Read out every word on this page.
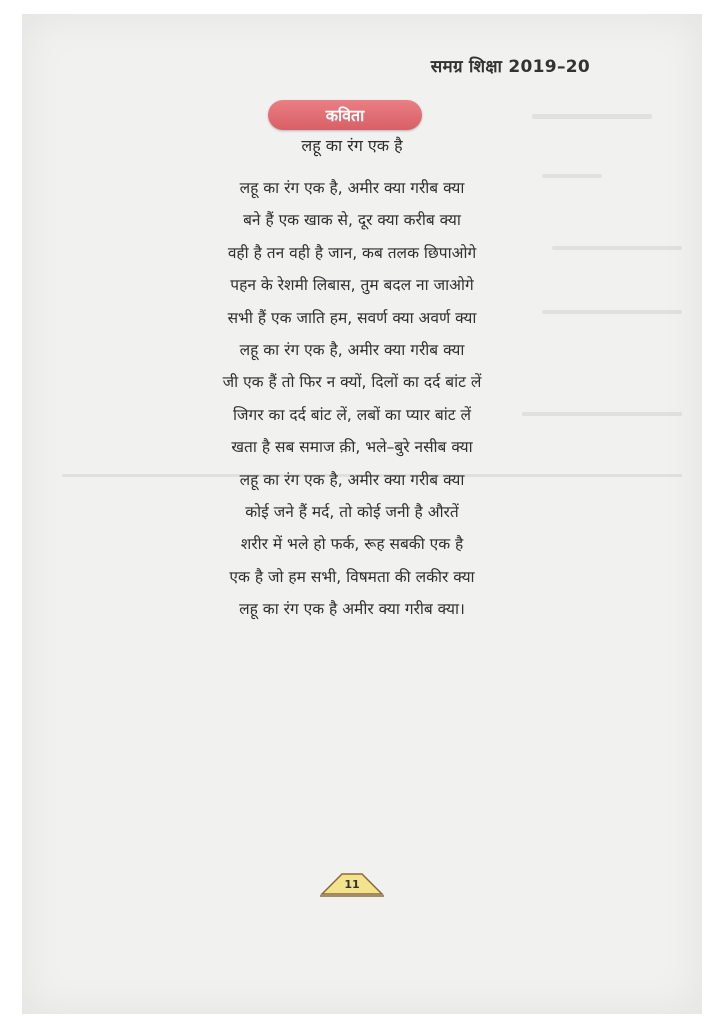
समग्र शिक्षा 2019–20
कविता
लहू का रंग एक है
लहू का रंग एक है, अमीर क्या गरीब क्या
बने हैं एक खाक से, दूर क्या करीब क्या
वही है तन वही है जान, कब तलक छिपाओगे
पहन के रेशमी लिबास, तुम बदल ना जाओगे
सभी हैं एक जाति हम, सवर्ण क्या अवर्ण क्या
लहू का रंग एक है, अमीर क्या गरीब क्या
जी एक हैं तो फिर न क्यों, दिलों का दर्द बांट लें
जिगर का दर्द बांट लें, लबों का प्यार बांट लें
खता है सब समाज क़ी, भले–बुरे नसीब क्या
लहू का रंग एक है, अमीर क्या गरीब क्या
कोई जने हैं मर्द, तो कोई जनी है औरतें
शरीर में भले हो फर्क, रूह सबकी एक है
एक है जो हम सभी, विषमता की लकीर क्या
लहू का रंग एक है अमीर क्या गरीब क्या।
11
